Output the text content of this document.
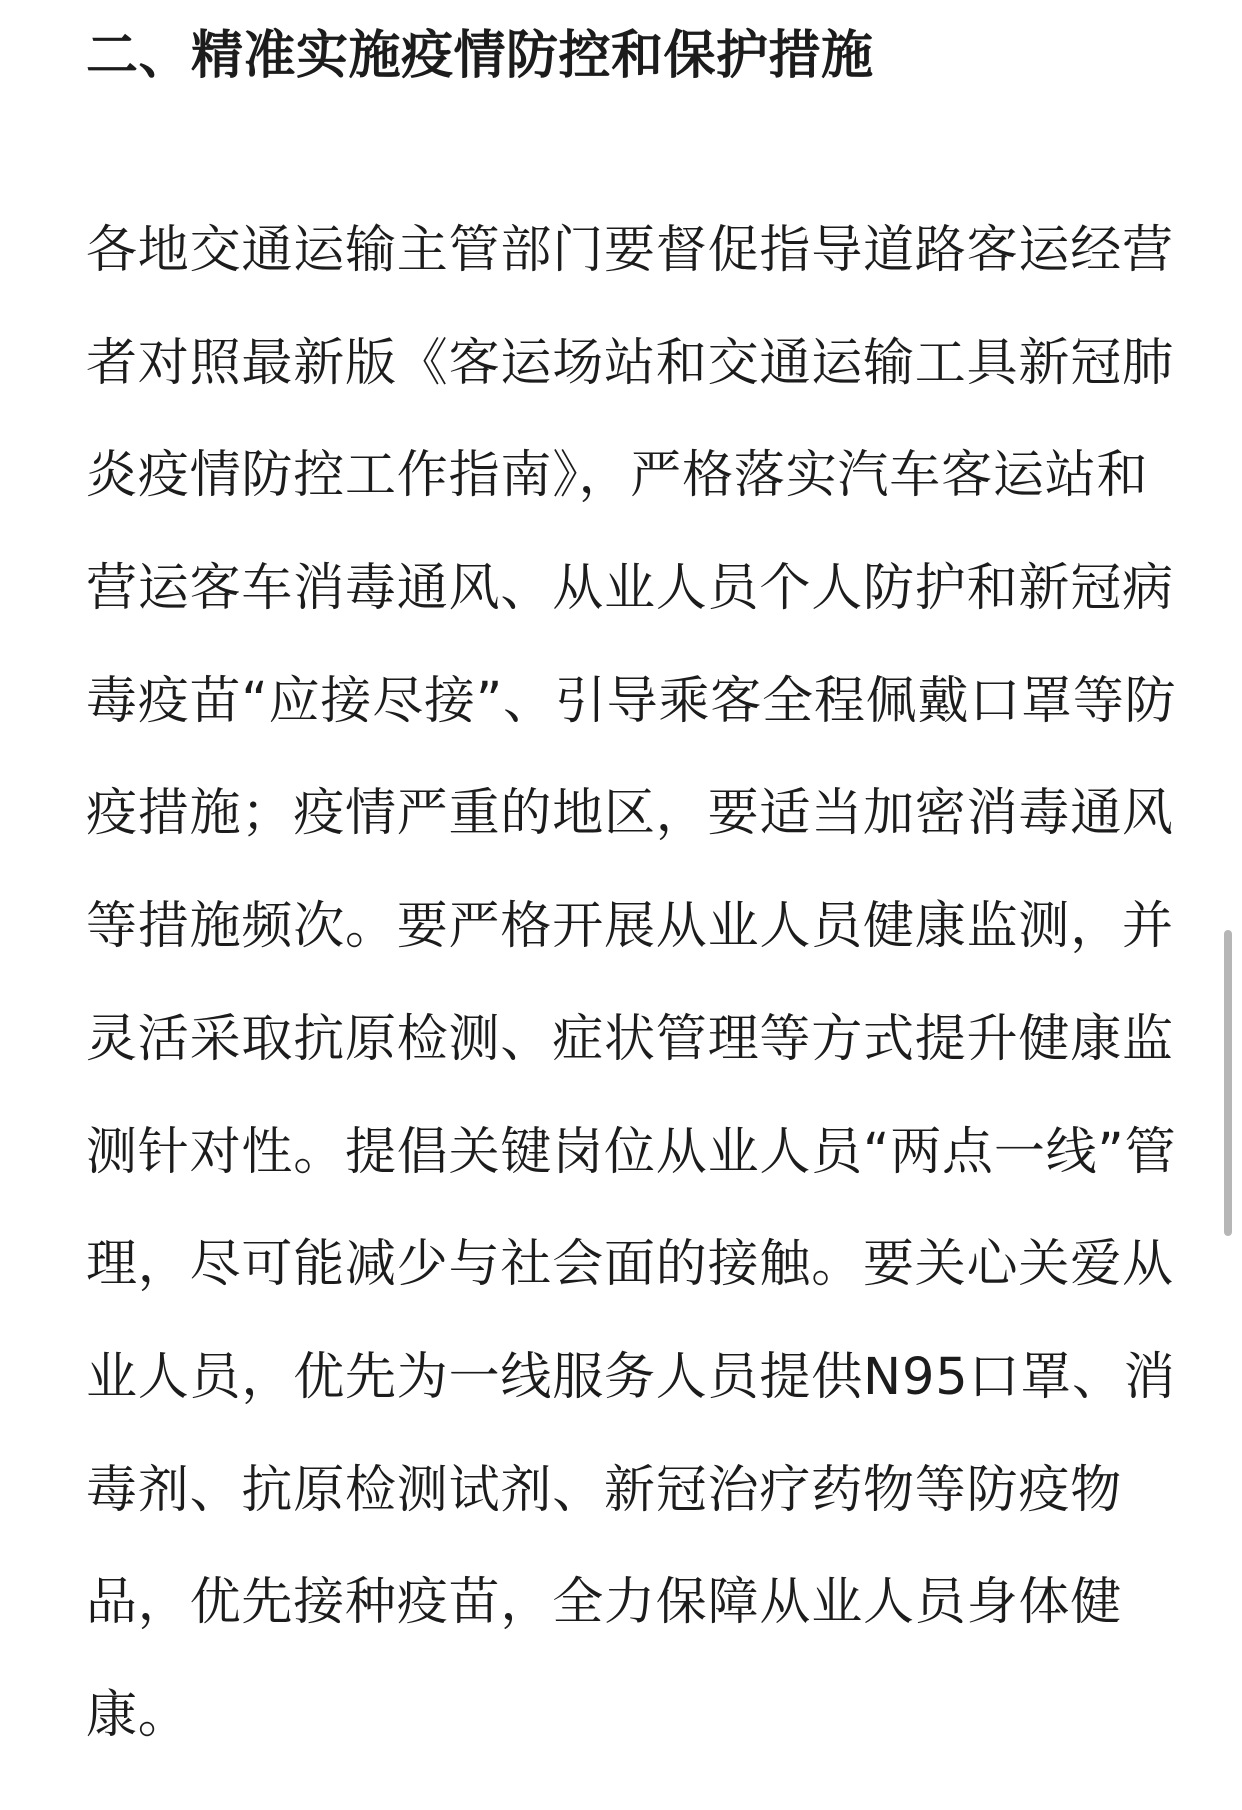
二、精准实施疫情防控和保护措施
各地交通运输主管部门要督促指导道路客运经营
者对照最新版《客运场站和交通运输工具新冠肺
炎疫情防控工作指南》，严格落实汽车客运站和
营运客车消毒通风、从业人员个人防护和新冠病
毒疫苗“应接尽接”、引导乘客全程佩戴口罩等防
疫措施；疫情严重的地区，要适当加密消毒通风
等措施频次。要严格开展从业人员健康监测，并
灵活采取抗原检测、症状管理等方式提升健康监
测针对性。提倡关键岗位从业人员“两点一线”管
理，尽可能减少与社会面的接触。要关心关爱从
业人员，优先为一线服务人员提供N95口罩、消
毒剂、抗原检测试剂、新冠治疗药物等防疫物
品，优先接种疫苗，全力保障从业人员身体健
康。
